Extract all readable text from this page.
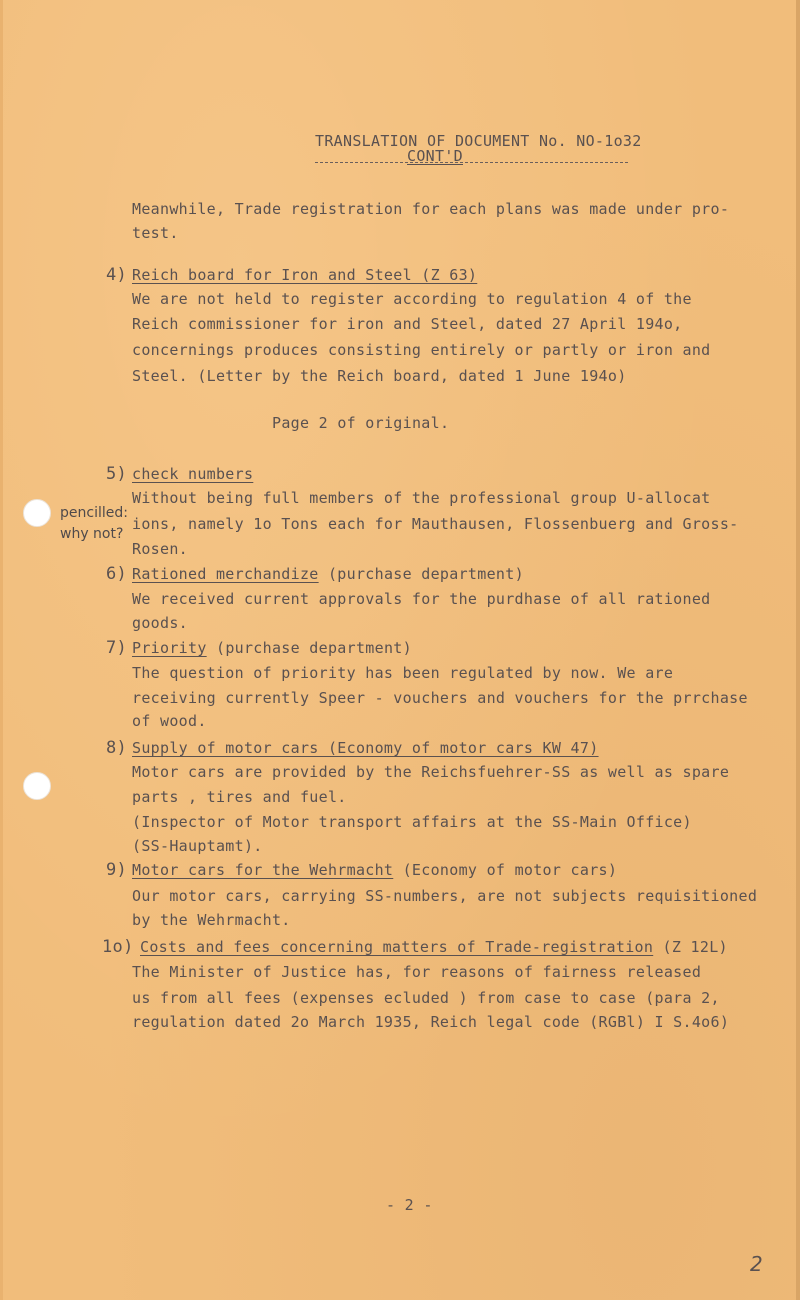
TRANSLATION OF DOCUMENT No. NO-1o32
CONT'D
Meanwhile, Trade registration for each plans was made under pro-
test.
4) Reich board for Iron and Steel (Z 63)
We are not held to register according to regulation 4 of the
Reich commissioner for iron and Steel, dated 27 April 194o,
concernings produces consisting entirely or partly or iron and
Steel. (Letter by the Reich board, dated 1 June 194o)
Page 2 of original.
5) check numbers
Without being full members of the professional group U-allocat
ions, namely 1o Tons each for Mauthausen, Flossenbuerg and Gross-
Rosen.
pencilled:
why not?
6) Rationed merchandize (purchase department)
We received current approvals for the purdhase of all rationed
goods.
7) Priority (purchase department)
The question of priority has been regulated by now. We are
receiving currently Speer - vouchers and vouchers for the prrchase
of wood.
8) Supply of motor cars (Economy of motor cars KW 47)
Motor cars are provided by the Reichsfuehrer-SS as well as spare
parts , tires and fuel.
(Inspector of Motor transport affairs at the SS-Main Office)
(SS-Hauptamt).
9) Motor cars for the Wehrmacht (Economy of motor cars)
Our motor cars, carrying SS-numbers, are not subjects requisitioned
by the Wehrmacht.
1o) Costs and fees concerning matters of Trade-registration (Z 12L)
The Minister of Justice has, for reasons of fairness released
us from all fees (expenses ecluded ) from case to case (para 2,
regulation dated 2o March 1935, Reich legal code (RGBl) I S.4o6)
- 2 -
2
